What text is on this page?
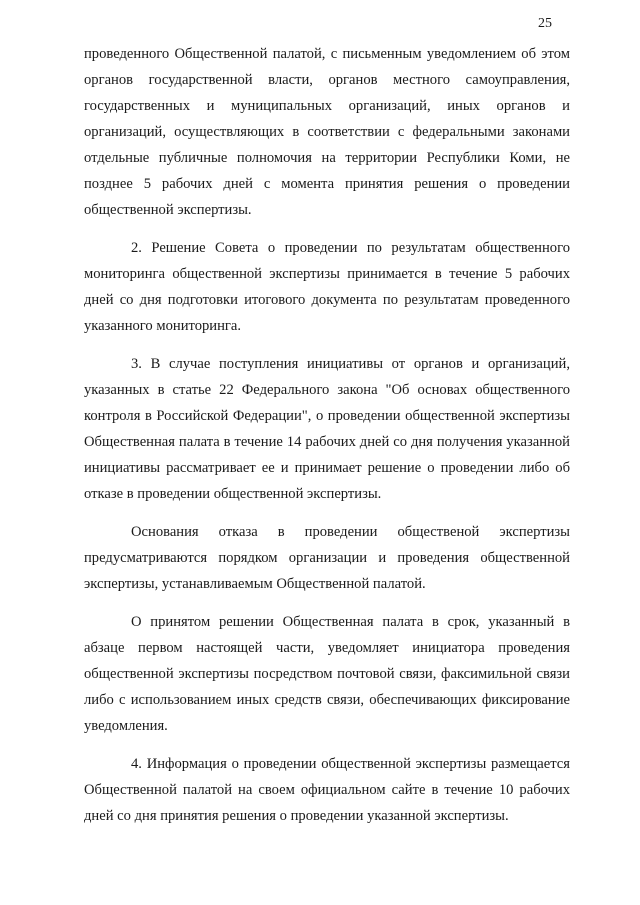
25

проведенного Общественной палатой, с письменным уведомлением об этом органов государственной власти, органов местного самоуправления, государственных и муниципальных организаций, иных органов и организаций, осуществляющих в соответствии с федеральными законами отдельные публичные полномочия на территории Республики Коми, не позднее 5 рабочих дней с момента принятия решения о проведении общественной экспертизы.

2. Решение Совета о проведении по результатам общественного мониторинга общественной экспертизы принимается в течение 5 рабочих дней со дня подготовки итогового документа по результатам проведенного указанного мониторинга.

3. В случае поступления инициативы от органов и организаций, указанных в статье 22 Федерального закона "Об основах общественного контроля в Российской Федерации", о проведении общественной экспертизы Общественная палата в течение 14 рабочих дней со дня получения указанной инициативы рассматривает ее и принимает решение о проведении либо об отказе в проведении общественной экспертизы.

Основания отказа в проведении общественой экспертизы предусматриваются порядком организации и проведения общественной экспертизы, устанавливаемым Общественной палатой.

О принятом решении Общественная палата в срок, указанный в абзаце первом настоящей части, уведомляет инициатора проведения общественной экспертизы посредством почтовой связи, факсимильной связи либо с использованием иных средств связи, обеспечивающих фиксирование уведомления.

4. Информация о проведении общественной экспертизы размещается Общественной палатой на своем официальном сайте в течение 10 рабочих дней со дня принятия решения о проведении указанной экспертизы.
